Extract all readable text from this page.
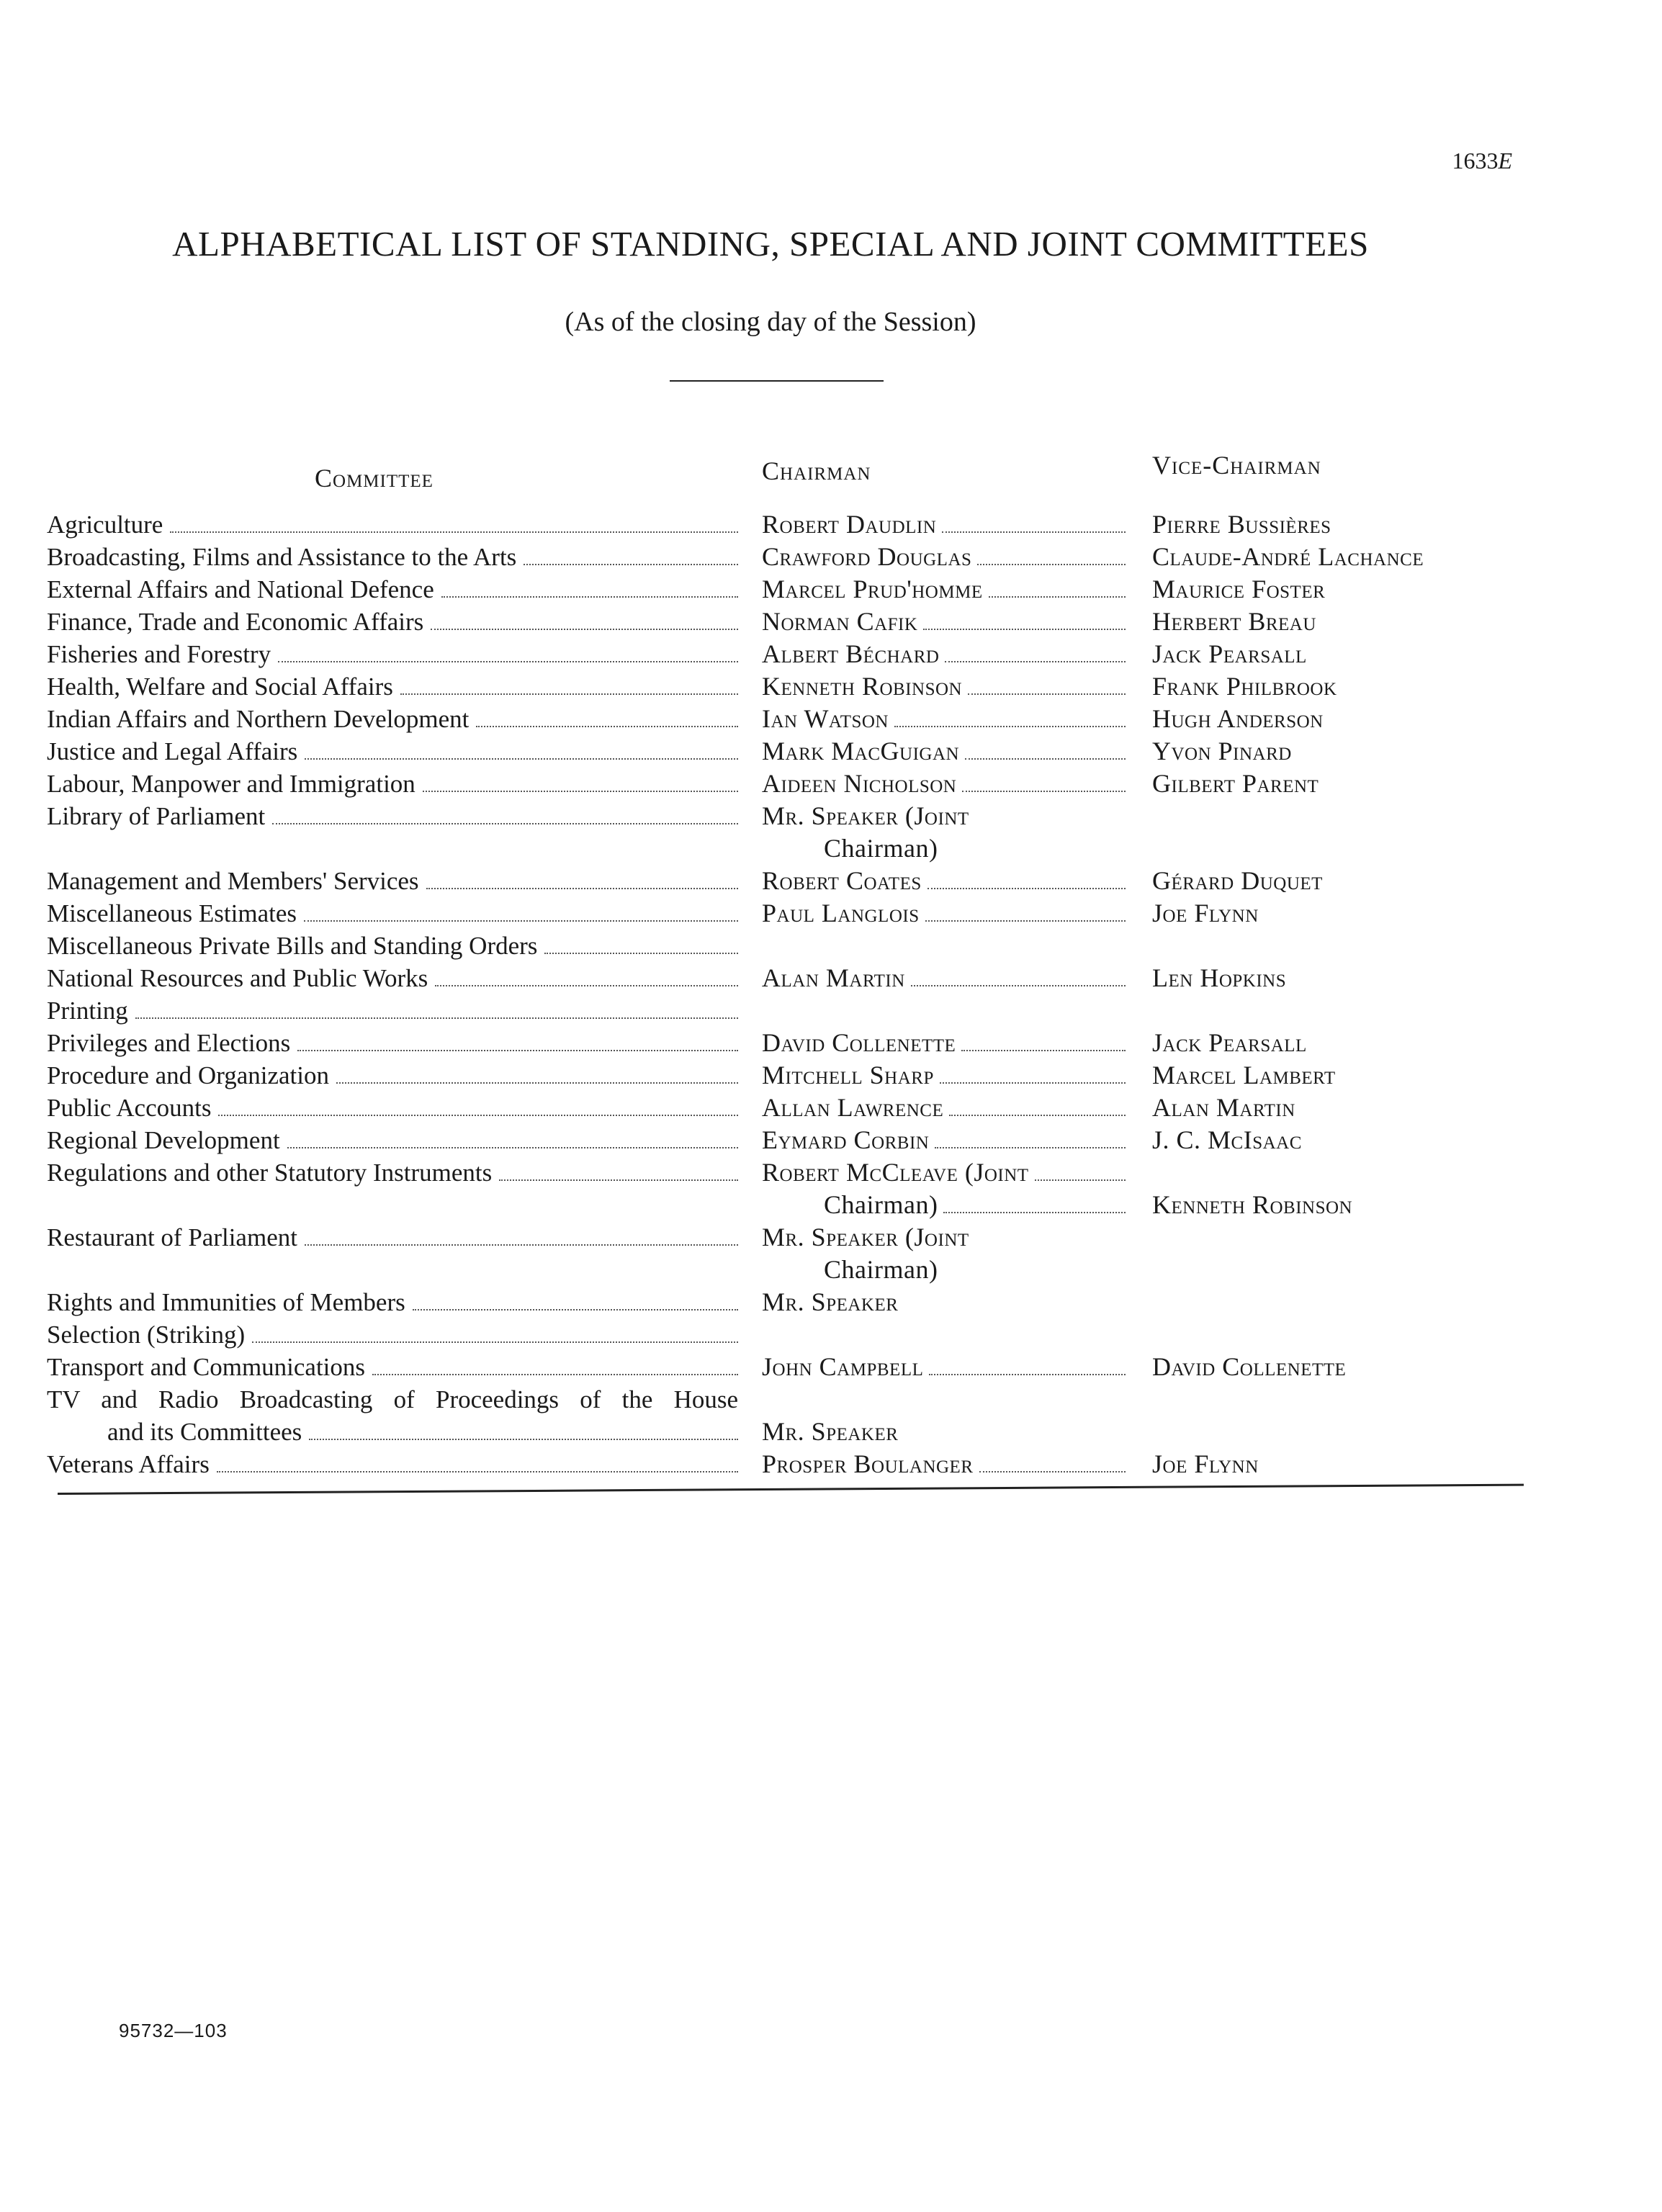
1633E
ALPHABETICAL LIST OF STANDING, SPECIAL AND JOINT COMMITTEES
(As of the closing day of the Session)
Committee	Chairman	Vice-Chairman
Agriculture
Broadcasting, Films and Assistance to the Arts
External Affairs and National Defence
Finance, Trade and Economic Affairs
Fisheries and Forestry
Health, Welfare and Social Affairs
Indian Affairs and Northern Development
Justice and Legal Affairs
Labour, Manpower and Immigration
Library of Parliament
Management and Members' Services
Miscellaneous Estimates
Miscellaneous Private Bills and Standing Orders
National Resources and Public Works
Printing
Privileges and Elections
Procedure and Organization
Public Accounts
Regional Development
Regulations and other Statutory Instruments
Restaurant of Parliament
Rights and Immunities of Members
Selection (Striking)
Transport and Communications
TV and Radio Broadcasting of Proceedings of the House
and its Committees
Veterans Affairs
Robert Daudlin
Crawford Douglas
Marcel Prud'homme
Norman Cafik
Albert Béchard
Kenneth Robinson
Ian Watson
Mark MacGuigan
Aideen Nicholson
Mr. Speaker (Joint
Chairman)
Robert Coates
Paul Langlois
Alan Martin
David Collenette
Mitchell Sharp
Allan Lawrence
Eymard Corbin
Robert McCleave (Joint
Chairman)
Mr. Speaker (Joint
Chairman)
Mr. Speaker
John Campbell
Mr. Speaker
Prosper Boulanger
Pierre Bussières
Claude-André Lachance
Maurice Foster
Herbert Breau
Jack Pearsall
Frank Philbrook
Hugh Anderson
Yvon Pinard
Gilbert Parent
Gérard Duquet
Joe Flynn
Len Hopkins
Jack Pearsall
Marcel Lambert
Alan Martin
J. C. McIsaac
Kenneth Robinson
David Collenette
Joe Flynn
95732—103
